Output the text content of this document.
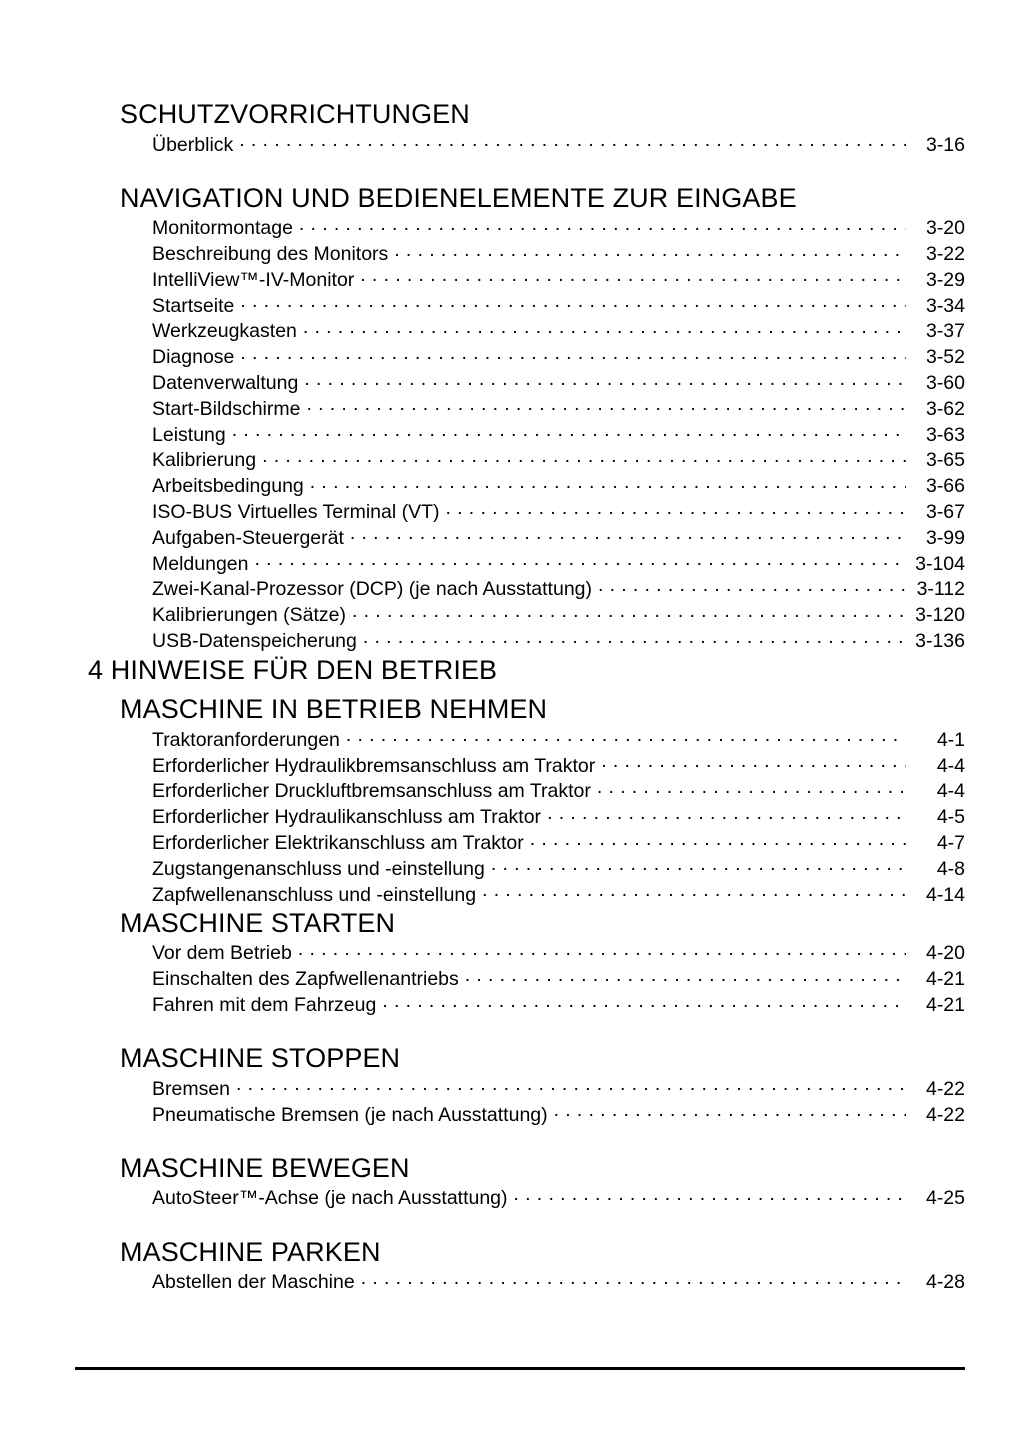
SCHUTZVORRICHTUNGEN
Überblick . . .	3-16
NAVIGATION UND BEDIENELEMENTE ZUR EINGABE
Monitormontage . . .	3-20
Beschreibung des Monitors . . .	3-22
IntelliView™-IV-Monitor . . .	3-29
Startseite . . .	3-34
Werkzeugkasten . . .	3-37
Diagnose . . .	3-52
Datenverwaltung . . .	3-60
Start-Bildschirme . . .	3-62
Leistung . . .	3-63
Kalibrierung . . .	3-65
Arbeitsbedingung . . .	3-66
ISO-BUS Virtuelles Terminal (VT) . . .	3-67
Aufgaben-Steuergerät . . .	3-99
Meldungen . . .	3-104
Zwei-Kanal-Prozessor (DCP) (je nach Ausstattung) . . .	3-112
Kalibrierungen (Sätze) . . .	3-120
USB-Datenspeicherung . . .	3-136
4 HINWEISE FÜR DEN BETRIEB
MASCHINE IN BETRIEB NEHMEN
Traktoranforderungen . . .	4-1
Erforderlicher Hydraulikbremsanschluss am Traktor . . .	4-4
Erforderlicher Druckluftbremsanschluss am Traktor . . .	4-4
Erforderlicher Hydraulikanschluss am Traktor . . .	4-5
Erforderlicher Elektrikanschluss am Traktor . . .	4-7
Zugstangenanschluss und -einstellung . . .	4-8
Zapfwellenanschluss und -einstellung . . .	4-14
MASCHINE STARTEN
Vor dem Betrieb . . .	4-20
Einschalten des Zapfwellenantriebs . . .	4-21
Fahren mit dem Fahrzeug . . .	4-21
MASCHINE STOPPEN
Bremsen . . .	4-22
Pneumatische Bremsen (je nach Ausstattung) . . .	4-22
MASCHINE BEWEGEN
AutoSteer™-Achse (je nach Ausstattung) . . .	4-25
MASCHINE PARKEN
Abstellen der Maschine . . .	4-28
